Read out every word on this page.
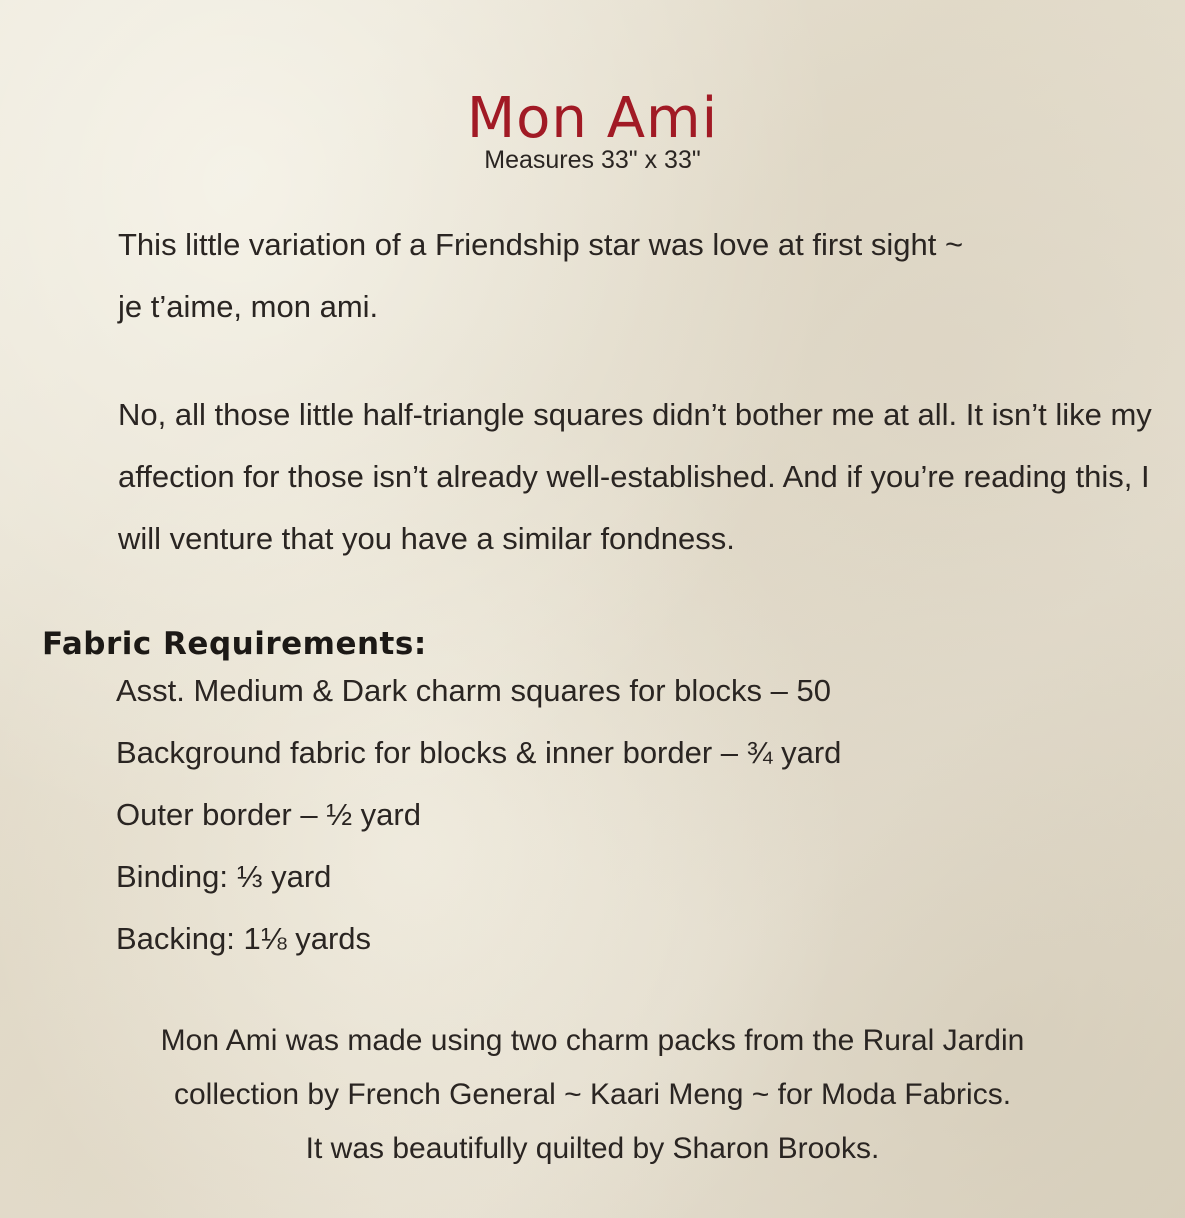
Mon Ami
Measures 33" x 33"

This little variation of a Friendship star was love at first sight ~
je t’aime, mon ami.

No, all those little half-triangle squares didn’t bother me at all. It isn’t like my
affection for those isn’t already well-established. And if you’re reading this, I
will venture that you have a similar fondness.

Fabric Requirements:
Asst. Medium & Dark charm squares for blocks – 50
Background fabric for blocks & inner border – ¾ yard
Outer border – ½ yard
Binding: ⅓ yard
Backing: 1⅛ yards
Mon Ami was made using two charm packs from the Rural Jardin
collection by French General ~ Kaari Meng ~ for Moda Fabrics.
It was beautifully quilted by Sharon Brooks.
